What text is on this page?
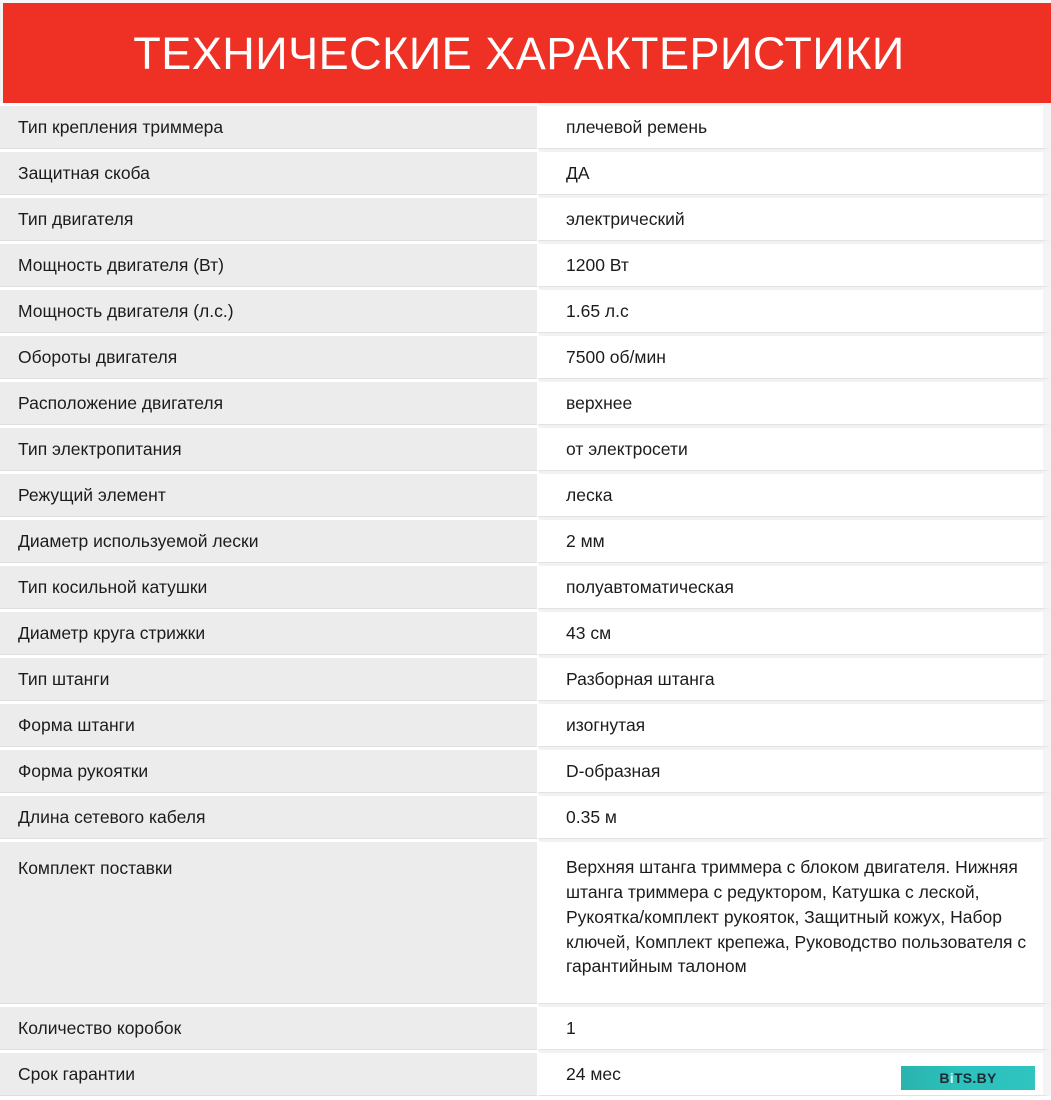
ТЕХНИЧЕСКИЕ ХАРАКТЕРИСТИКИ
Тип крепления триммера	плечевой ремень
Защитная скоба	ДА
Тип двигателя	электрический
Мощность двигателя (Вт)	1200 Вт
Мощность двигателя (л.с.)	1.65 л.с
Обороты двигателя	7500 об/мин
Расположение двигателя	верхнее
Тип электропитания	от электросети
Режущий элемент	леска
Диаметр используемой лески	2 мм
Тип косильной катушки	полуавтоматическая
Диаметр круга стрижки	43 см
Тип штанги	Разборная штанга
Форма штанги	изогнутая
Форма рукоятки	D-образная
Длина сетевого кабеля	0.35 м
Комплект поставки	Верхняя штанга триммера с блоком двигателя. Нижняя штанга триммера с редуктором, Катушка с леской, Рукоятка/комплект рукояток, Защитный кожух, Набор ключей, Комплект крепежа, Руководство пользователя с гарантийным талоном
Количество коробок	1
Срок гарантии	24 мес	BiTS.BY
